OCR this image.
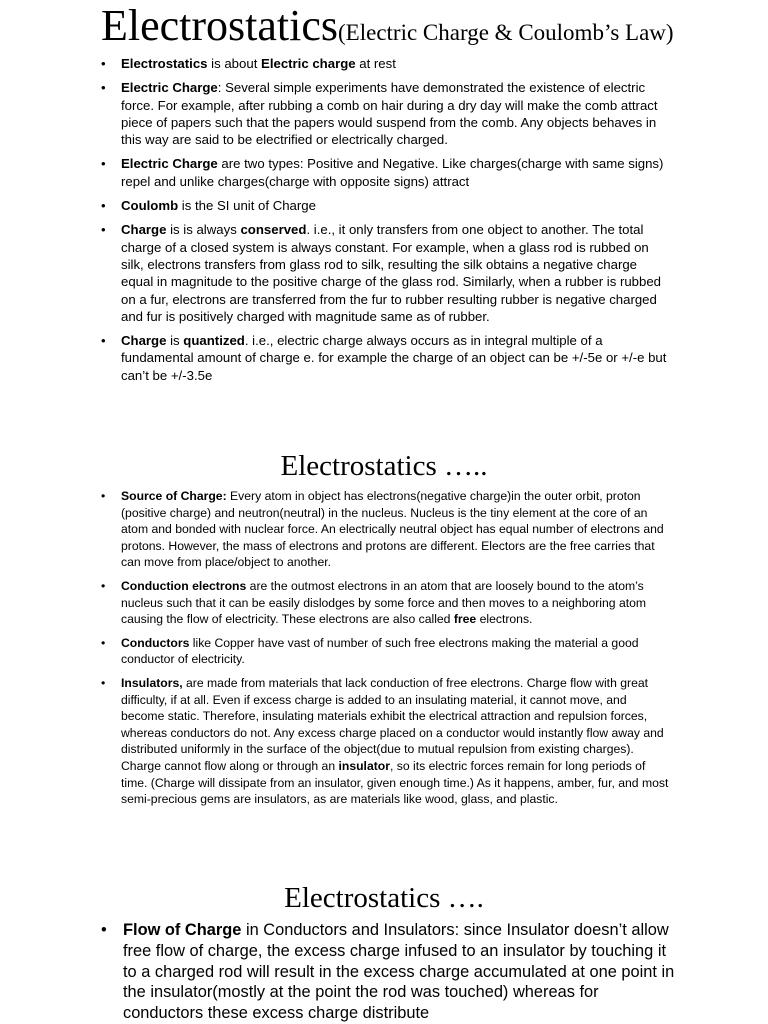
Electrostatics(Electric Charge & Coulomb’s Law)
• Electrostatics is about Electric charge at rest
• Electric Charge: Several simple experiments have demonstrated the existence of electric force. For example, after rubbing a comb on hair during a dry day will make the comb attract piece of papers such that the papers would suspend from the comb. Any objects behaves in this way are said to be electrified or electrically charged.
• Electric Charge are two types: Positive and Negative. Like charges(charge with same signs) repel and unlike charges(charge with opposite signs) attract
• Coulomb is the SI unit of Charge
• Charge is is always conserved. i.e., it only transfers from one object to another. The total charge of a closed system is always constant. For example, when a glass rod is rubbed on silk, electrons transfers from glass rod to silk, resulting the silk obtains a negative charge equal in magnitude to the positive charge of the glass rod. Similarly, when a rubber is rubbed on a fur, electrons are transferred from the fur to rubber resulting rubber is negative charged and fur is positively charged with magnitude same as of rubber.
• Charge is quantized. i.e., electric charge always occurs as in integral multiple of a fundamental amount of charge e. for example the charge of an object can be +/-5e or +/-e but can’t be +/-3.5e
Electrostatics …..
• Source of Charge: Every atom in object has electrons(negative charge)in the outer orbit, proton (positive charge) and neutron(neutral) in the nucleus. Nucleus is the tiny element at the core of an atom and bonded with nuclear force. An electrically neutral object has equal number of electrons and protons. However, the mass of electrons and protons are different. Electors are the free carries that can move from place/object to another.
• Conduction electrons are the outmost electrons in an atom that are loosely bound to the atom’s nucleus such that it can be easily dislodges by some force and then moves to a neighboring atom causing the flow of electricity. These electrons are also called free electrons.
• Conductors like Copper have vast of number of such free electrons making the material a good conductor of electricity.
• Insulators, are made from materials that lack conduction of free electrons. Charge flow with great difficulty, if at all. Even if excess charge is added to an insulating material, it cannot move, and become static. Therefore, insulating materials exhibit the electrical attraction and repulsion forces, whereas conductors do not. Any excess charge placed on a conductor would instantly flow away and distributed uniformly in the surface of the object(due to mutual repulsion from existing charges). Charge cannot flow along or through an insulator, so its electric forces remain for long periods of time. (Charge will dissipate from an insulator, given enough time.) As it happens, amber, fur, and most semi-precious gems are insulators, as are materials like wood, glass, and plastic.
Electrostatics ….
• Flow of Charge in Conductors and Insulators: since Insulator doesn’t allow free flow of charge, the excess charge infused to an insulator by touching it to a charged rod will result in the excess charge accumulated at one point in the insulator(mostly at the point the rod was touched) whereas for conductors these excess charge distribute
